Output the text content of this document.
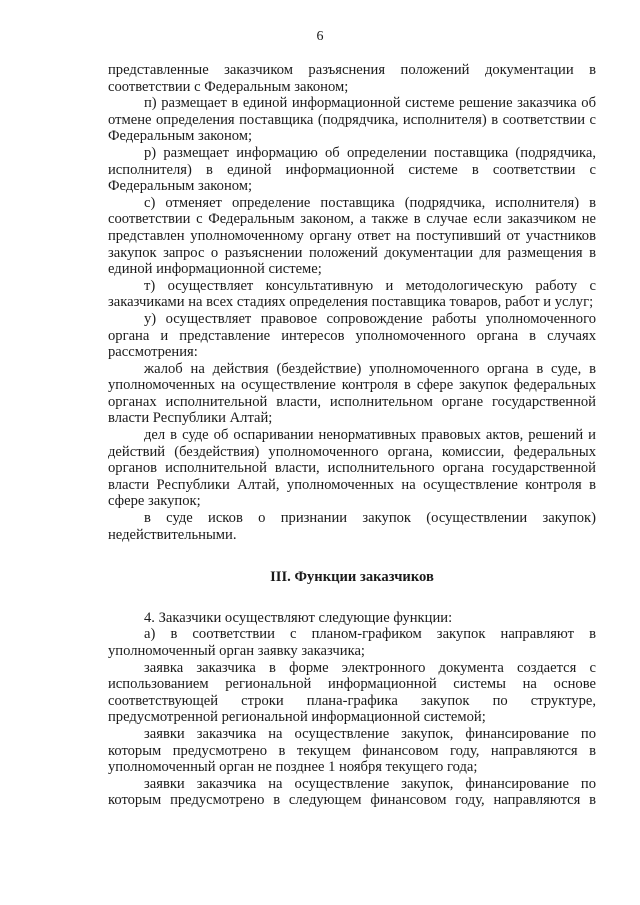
6

представленные заказчиком разъяснения положений документации в соответствии с Федеральным законом;

п) размещает в единой информационной системе решение заказчика об отмене определения поставщика (подрядчика, исполнителя) в соответствии с Федеральным законом;

р) размещает информацию об определении поставщика (подрядчика, исполнителя) в единой информационной системе в соответствии с Федеральным законом;

с) отменяет определение поставщика (подрядчика, исполнителя) в соответствии с Федеральным законом, а также в случае если заказчиком не представлен уполномоченному органу ответ на поступивший от участников закупок запрос о разъяснении положений документации для размещения в единой информационной системе;

т) осуществляет консультативную и методологическую работу с заказчиками на всех стадиях определения поставщика товаров, работ и услуг;

у) осуществляет правовое сопровождение работы уполномоченного органа и представление интересов уполномоченного органа в случаях рассмотрения:

жалоб на действия (бездействие) уполномоченного органа в суде, в уполномоченных на осуществление контроля в сфере закупок федеральных органах исполнительной власти, исполнительном органе государственной власти Республики Алтай;

дел в суде об оспаривании ненормативных правовых актов, решений и действий (бездействия) уполномоченного органа, комиссии, федеральных органов исполнительной власти, исполнительного органа государственной власти Республики Алтай, уполномоченных на осуществление контроля в сфере закупок;

в суде исков о признании закупок (осуществлении закупок) недействительными.

III. Функции заказчиков

4. Заказчики осуществляют следующие функции:

а) в соответствии с планом-графиком закупок направляют в уполномоченный орган заявку заказчика;

заявка заказчика в форме электронного документа создается с использованием региональной информационной системы на основе соответствующей строки плана-графика закупок по структуре, предусмотренной региональной информационной системой;

заявки заказчика на осуществление закупок, финансирование по которым предусмотрено в текущем финансовом году, направляются в уполномоченный орган не позднее 1 ноября текущего года;

заявки заказчика на осуществление закупок, финансирование по которым предусмотрено в следующем финансовом году, направляются в
